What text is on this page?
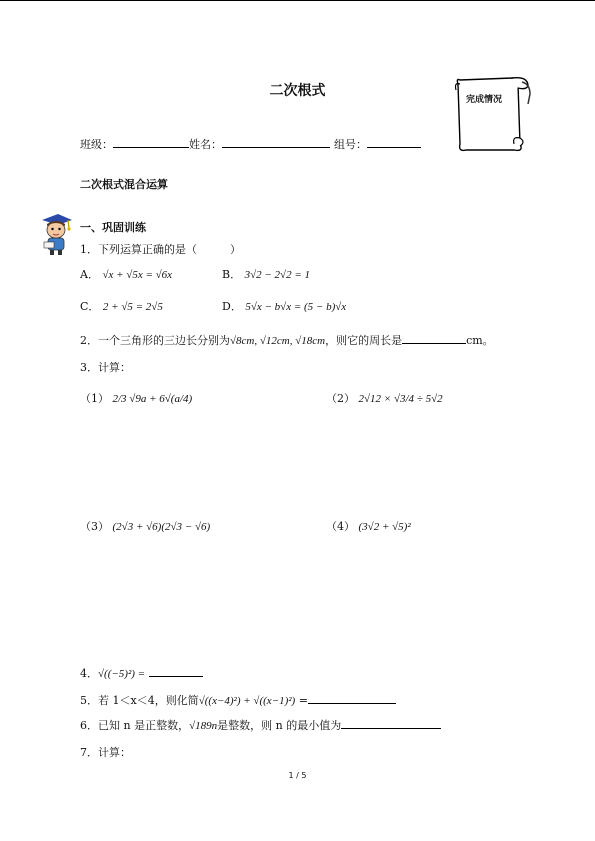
二次根式
完成情况
班级：	姓名：	组号：
二次根式混合运算
一、巩固训练
1．下列运算正确的是（　　　）
A． √x + √5x = √6x	B． 3√2 − 2√2 = 1
C． 2 + √5 = 2√5	D． 5√x − b√x = (5 − b)√x
2．一个三角形的三边长分别为√8cm, √12cm, √18cm，则它的周长是	cm。
3．计算：
（1） 2/3 √9a + 6√(a/4)	（2） 2√12 × √3/4 ÷ 5√2
（3） (2√3 + √6)(2√3 − √6)	（4） (3√2 + √5)²
4．√((−5)²) =
5．若 1＜x＜4，则化简√((x−4)²) + √((x−1)²) =
6．已知 n 是正整数，√189n是整数，则 n 的最小值为
7．计算：
1 / 5
